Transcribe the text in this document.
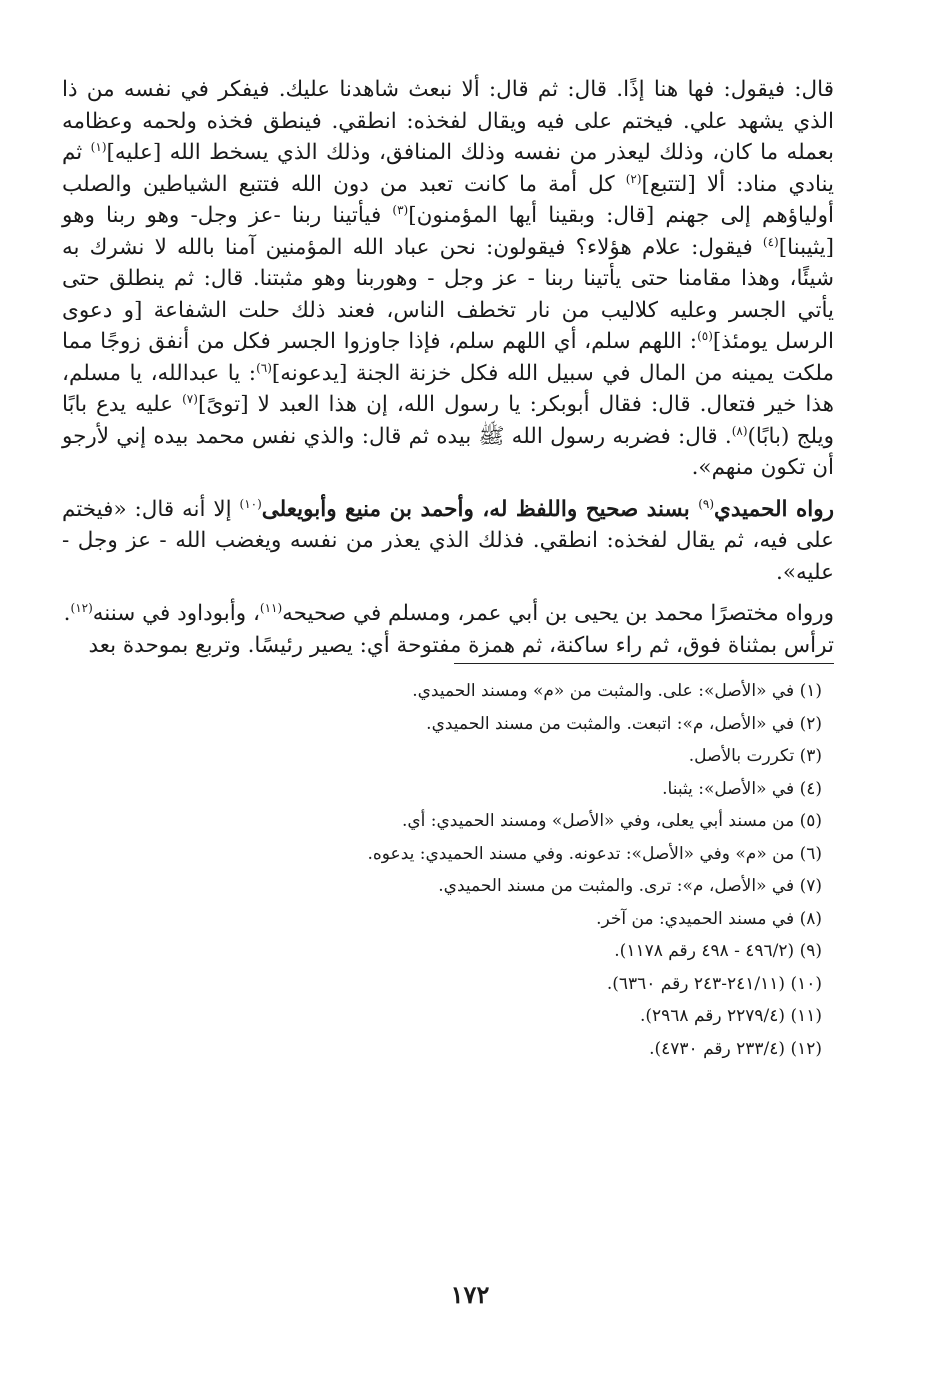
قال: فيقول: فها هنا إذًا. قال: ثم قال: ألا نبعث شاهدنا عليك. فيفكر في نفسه من ذا الذي يشهد علي. فيختم على فيه ويقال لفخذه: انطقي. فينطق فخذه ولحمه وعظامه بعمله ما كان، وذلك ليعذر من نفسه وذلك المنافق، وذلك الذي يسخط الله [عليه]$^{(١)}$ ثم ينادي مناد: ألا [لتتبع]$^{(٢)}$ كل أمة ما كانت تعبد من دون الله فتتبع الشياطين والصلب أولياؤهم إلى جهنم [قال: وبقينا أيها المؤمنون]$^{(٣)}$ فيأتينا ربنا -عز وجل- وهو ربنا وهو [يثيبنا]$^{(٤)}$ فيقول: علام هؤلاء؟ فيقولون: نحن عباد الله المؤمنين آمنا بالله لا نشرك به شيئًا، وهذا مقامنا حتى يأتينا ربنا - عز وجل - وهوربنا وهو مثبتنا. قال: ثم ينطلق حتى يأتي الجسر وعليه كلاليب من نار تخطف الناس، فعند ذلك حلت الشفاعة [و دعوى الرسل يومئذ]$^{(٥)}$: اللهم سلم، أي اللهم سلم، فإذا جاوزوا الجسر فكل من أنفق زوجًا مما ملكت يمينه من المال في سبيل الله فكل خزنة الجنة [يدعونه]$^{(٦)}$: يا عبدالله، يا مسلم، هذا خير فتعال. قال: فقال أبوبكر: يا رسول الله، إن هذا العبد لا [توىً]$^{(٧)}$ عليه يدع بابًا ويلج (بابًا)$^{(٨)}$. قال: فضربه رسول الله ﷺ بيده ثم قال: والذي نفس محمد بيده إني لأرجو أن تكون منهم».

رواه الحميدي$^{(٩)}$ بسند صحيح واللفظ له، وأحمد بن منيع وأبويعلى$^{(١٠)}$ إلا أنه قال: «فيختم على فيه، ثم يقال لفخذه: انطقي. فذلك الذي يعذر من نفسه ويغضب الله - عز وجل - عليه».

ورواه مختصرًا محمد بن يحيى بن أبي عمر، ومسلم في صحيحه$^{(١١)}$، وأبوداود في سننه$^{(١٢)}$.

ترأس بمثناة فوق، ثم راء ساكنة، ثم همزة مفتوحة أي: يصير رئيسًا. وتربع بموحدة بعد

(١) في «الأصل»: على. والمثبت من «م» ومسند الحميدي.

(٢) في «الأصل، م»: اتبعت. والمثبت من مسند الحميدي.

(٣) تكررت بالأصل.

(٤) في «الأصل»: يثبنا.

(٥) من مسند أبي يعلى، وفي «الأصل» ومسند الحميدي: أي.

(٦) من «م» وفي «الأصل»: تدعونه. وفي مسند الحميدي: يدعوه.

(٧) في «الأصل، م»: ترى. والمثبت من مسند الحميدي.

(٨) في مسند الحميدي: من آخر.

(٩) (٤٩٦/٢ - ٤٩٨ رقم ١١٧٨).

(١٠) (٢٤١/١١-٢٤٣ رقم ٦٣٦٠).

(١١) (٢٢٧٩/٤ رقم ٢٩٦٨).

(١٢) (٢٣٣/٤ رقم ٤٧٣٠).

١٧٢
